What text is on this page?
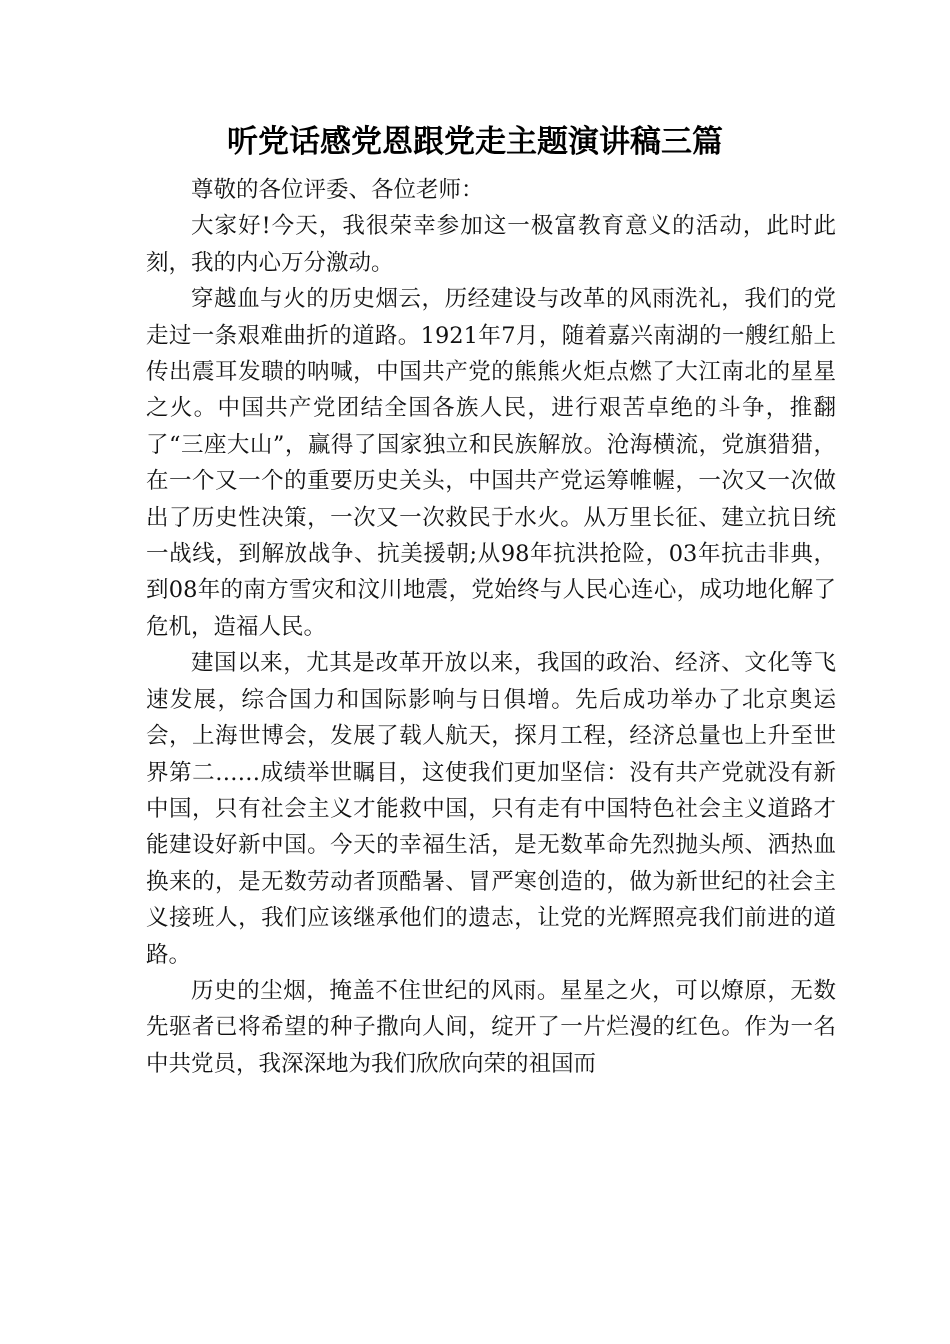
听党话感党恩跟党走主题演讲稿三篇

尊敬的各位评委、各位老师：

大家好!今天，我很荣幸参加这一极富教育意义的活动，此时此刻，我的内心万分激动。

穿越血与火的历史烟云，历经建设与改革的风雨洗礼，我们的党走过一条艰难曲折的道路。1921年7月，随着嘉兴南湖的一艘红船上传出震耳发聩的呐喊，中国共产党的熊熊火炬点燃了大江南北的星星之火。中国共产党团结全国各族人民，进行艰苦卓绝的斗争，推翻了“三座大山”，赢得了国家独立和民族解放。沧海横流，党旗猎猎，在一个又一个的重要历史关头，中国共产党运筹帷幄，一次又一次做出了历史性决策，一次又一次救民于水火。从万里长征、建立抗日统一战线，到解放战争、抗美援朝;从98年抗洪抢险，03年抗击非典，到08年的南方雪灾和汶川地震，党始终与人民心连心，成功地化解了危机，造福人民。

建国以来，尤其是改革开放以来，我国的政治、经济、文化等飞速发展，综合国力和国际影响与日俱增。先后成功举办了北京奥运会，上海世博会，发展了载人航天，探月工程，经济总量也上升至世界第二……成绩举世瞩目，这使我们更加坚信：没有共产党就没有新中国，只有社会主义才能救中国，只有走有中国特色社会主义道路才能建设好新中国。今天的幸福生活，是无数革命先烈抛头颅、洒热血换来的，是无数劳动者顶酷暑、冒严寒创造的，做为新世纪的社会主义接班人，我们应该继承他们的遗志，让党的光辉照亮我们前进的道路。

历史的尘烟，掩盖不住世纪的风雨。星星之火，可以燎原，无数先驱者已将希望的种子撒向人间，绽开了一片烂漫的红色。作为一名中共党员，我深深地为我们欣欣向荣的祖国而
